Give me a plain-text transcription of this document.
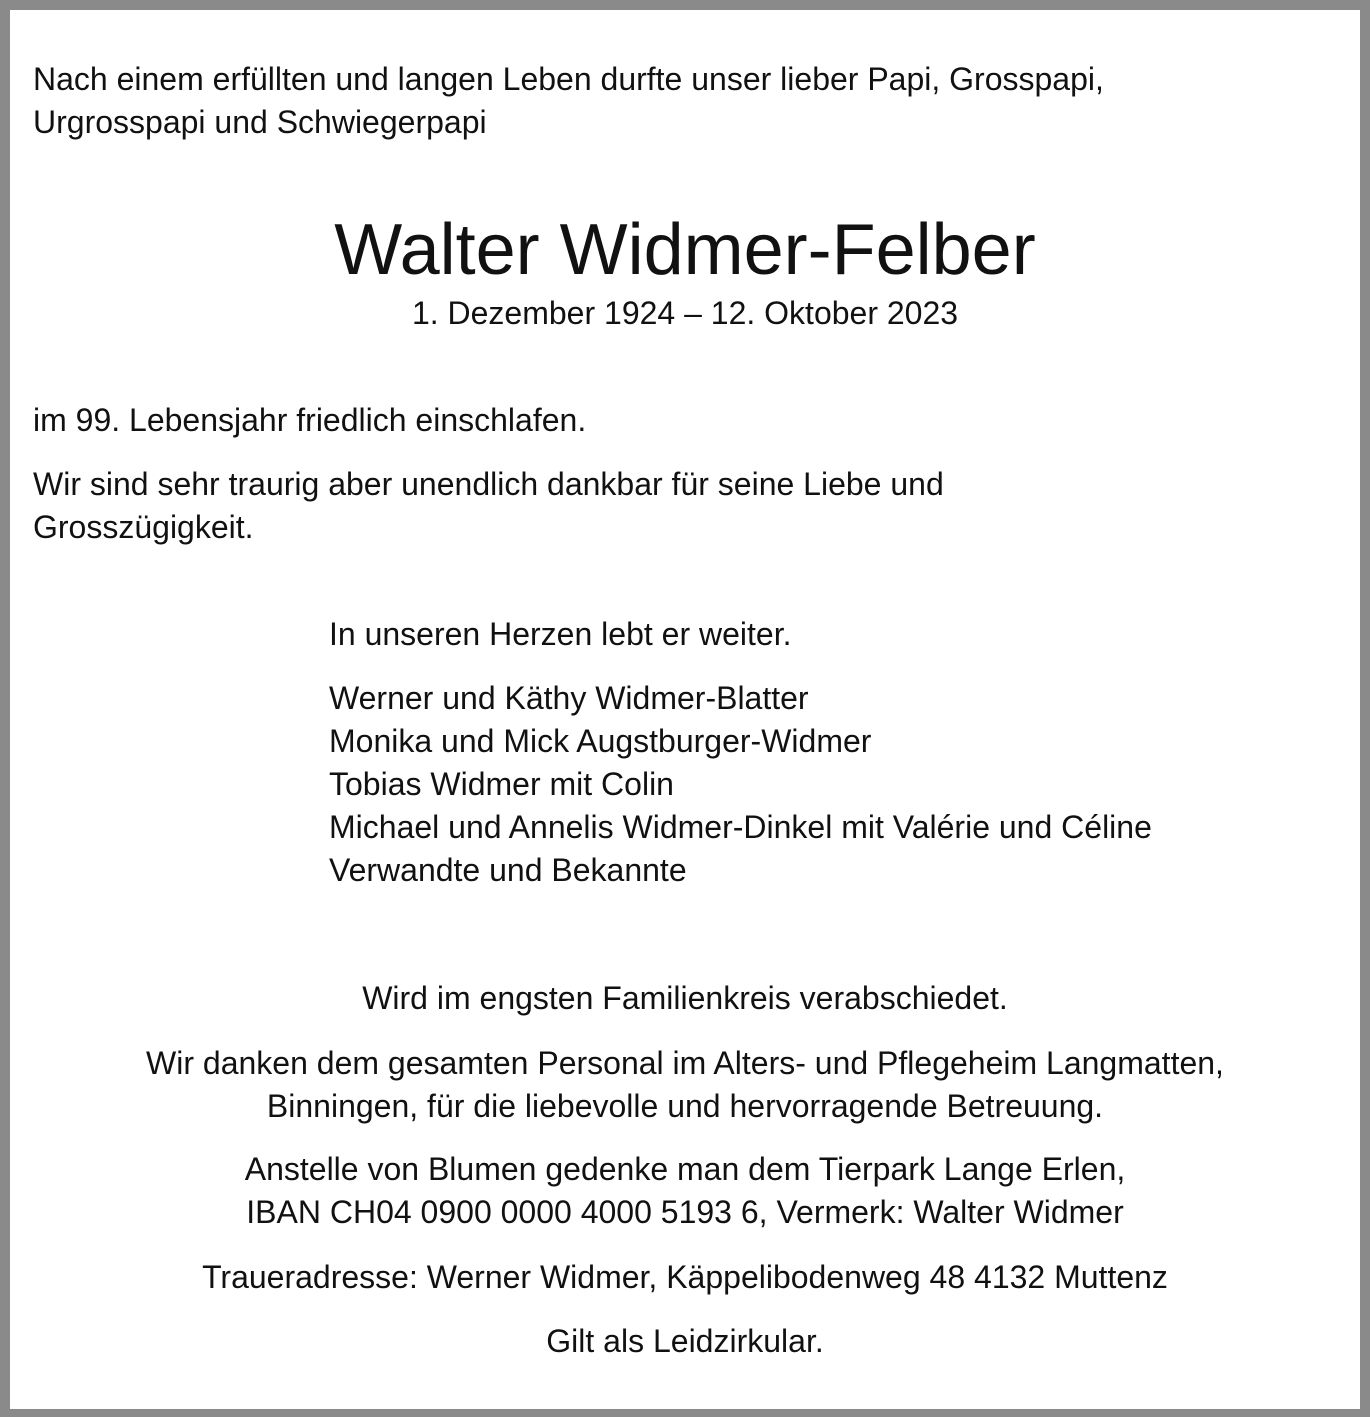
Nach einem erfüllten und langen Leben durfte unser lieber Papi, Grosspapi,
Urgrosspapi und Schwiegerpapi

Walter Widmer-Felber

1. Dezember 1924 – 12. Oktober 2023

im 99. Lebensjahr friedlich einschlafen.

Wir sind sehr traurig aber unendlich dankbar für seine Liebe und
Grosszügigkeit.

In unseren Herzen lebt er weiter.

Werner und Käthy Widmer-Blatter
Monika und Mick Augstburger-Widmer
Tobias Widmer mit Colin
Michael und Annelis Widmer-Dinkel mit Valérie und Céline
Verwandte und Bekannte

Wird im engsten Familienkreis verabschiedet.

Wir danken dem gesamten Personal im Alters- und Pflegeheim Langmatten,
Binningen, für die liebevolle und hervorragende Betreuung.

Anstelle von Blumen gedenke man dem Tierpark Lange Erlen,
IBAN CH04 0900 0000 4000 5193 6, Vermerk: Walter Widmer

Traueradresse: Werner Widmer, Käppelibodenweg 48 4132 Muttenz

Gilt als Leidzirkular.
